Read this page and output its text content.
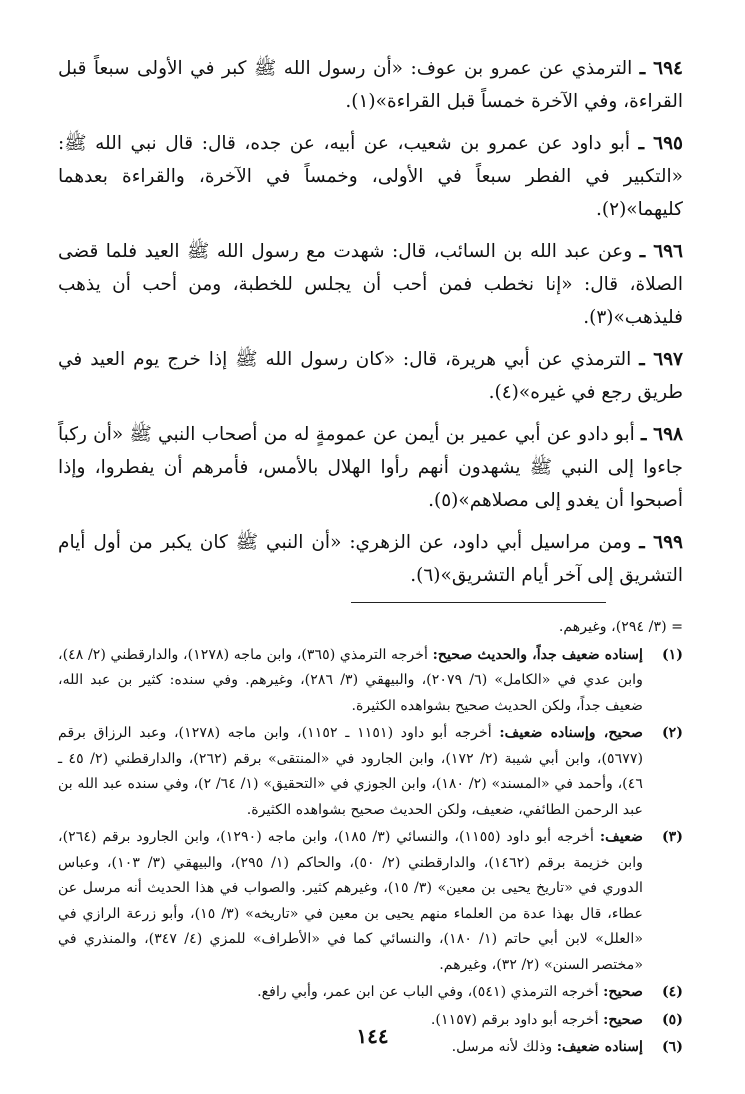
٦٩٤ ـ الترمذي عن عمرو بن عوف: «أن رسول الله ﷺ كبر في الأولى سبعاً قبل القراءة، وفي الآخرة خمساً قبل القراءة»(١).
٦٩٥ ـ أبو داود عن عمرو بن شعيب، عن أبيه، عن جده، قال: قال نبي الله ﷺ: «التكبير في الفطر سبعاً في الأولى، وخمساً في الآخرة، والقراءة بعدهما كليهما»(٢).
٦٩٦ ـ وعن عبد الله بن السائب، قال: شهدت مع رسول الله ﷺ العيد فلما قضى الصلاة، قال: «إنا نخطب فمن أحب أن يجلس للخطبة، ومن أحب أن يذهب فليذهب»(٣).
٦٩٧ ـ الترمذي عن أبي هريرة، قال: «كان رسول الله ﷺ إذا خرج يوم العيد في طريق رجع في غيره»(٤).
٦٩٨ ـ أبو دادو عن أبي عمير بن أيمن عن عمومةٍ له من أصحاب النبي ﷺ «أن ركباً جاءوا إلى النبي ﷺ يشهدون أنهم رأوا الهلال بالأمس، فأمرهم أن يفطروا، وإذا أصبحوا أن يغدو إلى مصلاهم»(٥).
٦٩٩ ـ ومن مراسيل أبي داود، عن الزهري: «أن النبي ﷺ كان يكبر من أول أيام التشريق إلى آخر أيام التشريق»(٦).
= (٣/ ٢٩٤)، وغيرهم.
(١)
إسناده ضعيف جداً، والحديث صحيح: أخرجه الترمذي (٣٦٥)، وابن ماجه (١٢٧٨)، والدارقطني (٢/ ٤٨)، وابن عدي في «الكامل» (٦/ ٢٠٧٩)، والبيهقي (٣/ ٢٨٦)، وغيرهم. وفي سنده: كثير بن عبد الله، ضعيف جداً، ولكن الحديث صحيح بشواهده الكثيرة.
(٢)
صحيح، وإسناده ضعيف: أخرجه أبو داود (١١٥١ ـ ١١٥٢)، وابن ماجه (١٢٧٨)، وعبد الرزاق برقم (٥٦٧٧)، وابن أبي شيبة (٢/ ١٧٢)، وابن الجارود في «المنتقى» برقم (٢٦٢)، والدارقطني (٢/ ٤٥ ـ ٤٦)، وأحمد في «المسند» (٢/ ١٨٠)، وابن الجوزي في «التحقيق» (١/ ٦٤/ ٢)، وفي سنده عبد الله بن عبد الرحمن الطائفي، ضعيف، ولكن الحديث صحيح بشواهده الكثيرة.
(٣)
ضعيف: أخرجه أبو داود (١١٥٥)، والنسائي (٣/ ١٨٥)، وابن ماجه (١٢٩٠)، وابن الجارود برقم (٢٦٤)، وابن خزيمة برقم (١٤٦٢)، والدارقطني (٢/ ٥٠)، والحاكم (١/ ٢٩٥)، والبيهقي (٣/ ١٠٣)، وعباس الدوري في «تاريخ يحيى بن معين» (٣/ ١٥)، وغيرهم كثير. والصواب في هذا الحديث أنه مرسل عن عطاء، قال بهذا عدة من العلماء منهم يحيى بن معين في «تاريخه» (٣/ ١٥)، وأبو زرعة الرازي في «العلل» لابن أبي حاتم (١/ ١٨٠)، والنسائي كما في «الأطراف» للمزي (٤/ ٣٤٧)، والمنذري في «مختصر السنن» (٢/ ٣٢)، وغيرهم.
(٤)
صحيح: أخرجه الترمذي (٥٤١)، وفي الباب عن ابن عمر، وأبي رافع.
(٥)
صحيح: أخرجه أبو داود برقم (١١٥٧).
(٦)
إسناده ضعيف: وذلك لأنه مرسل.
١٤٤
